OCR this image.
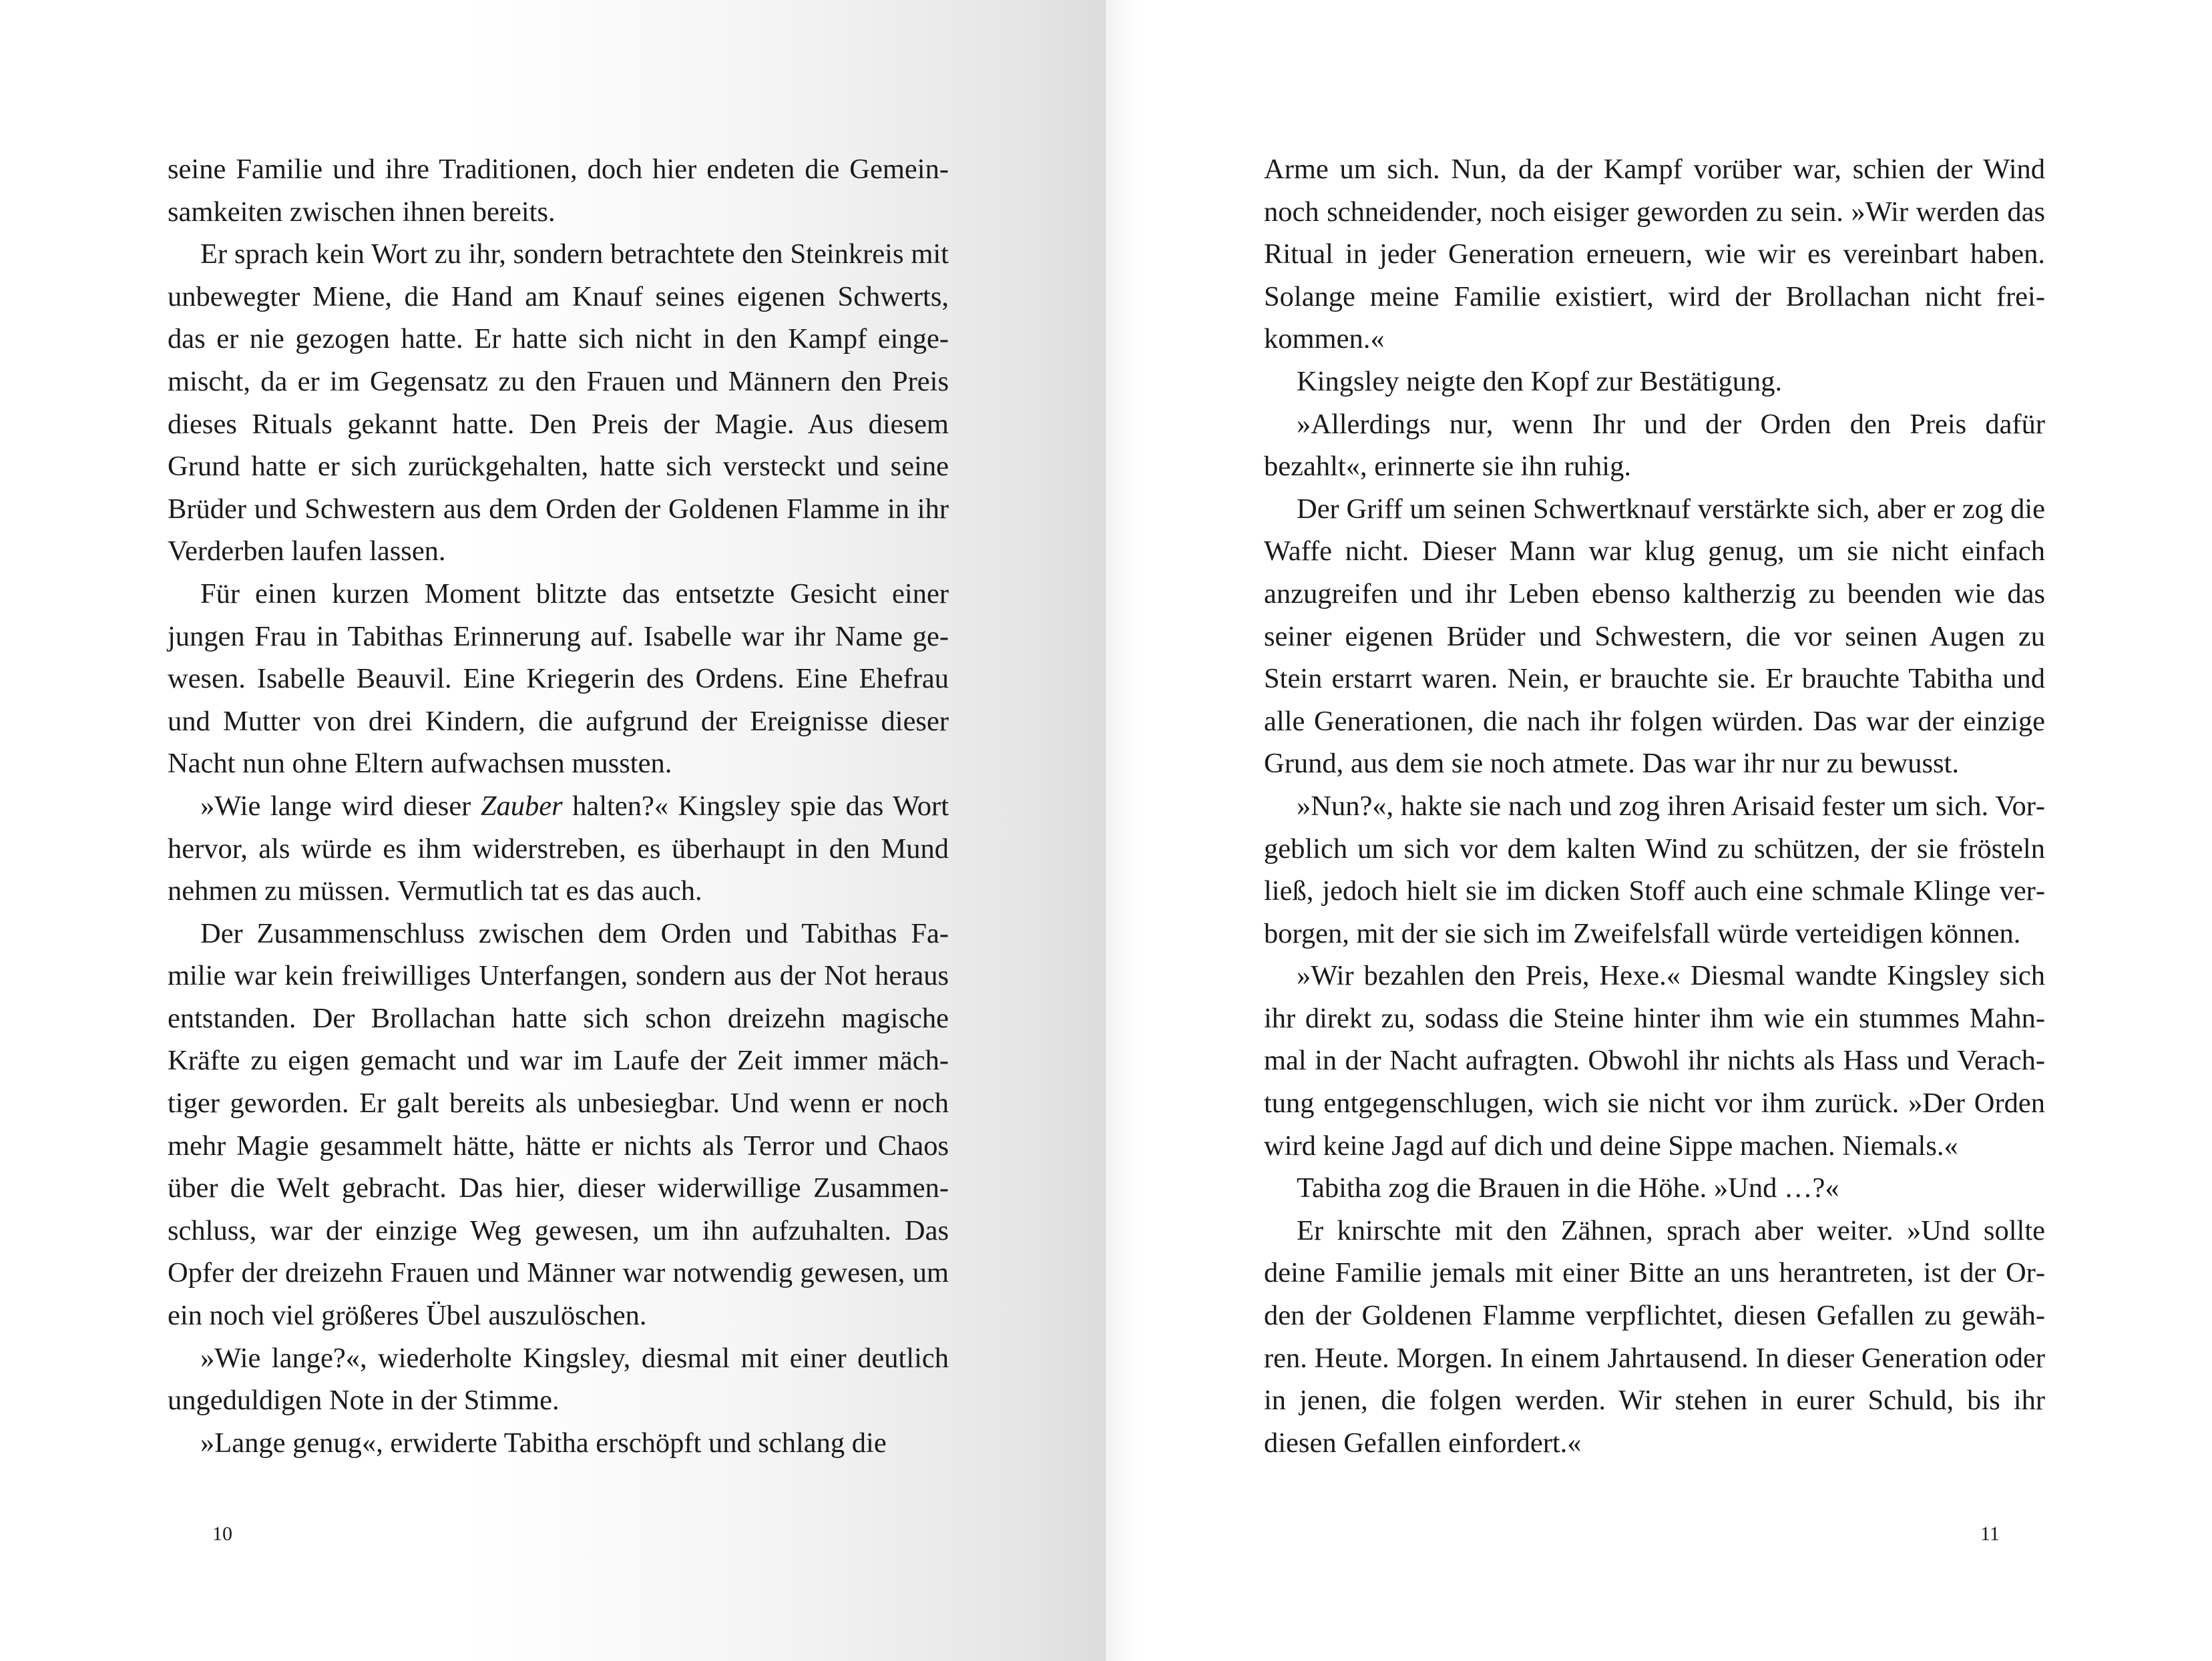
seine Familie und ihre Traditionen, doch hier endeten die Gemeinsamkeiten zwischen ihnen bereits.

Er sprach kein Wort zu ihr, sondern betrachtete den Steinkreis mit unbewegter Miene, die Hand am Knauf seines eigenen Schwerts, das er nie gezogen hatte. Er hatte sich nicht in den Kampf eingemischt, da er im Gegensatz zu den Frauen und Männern den Preis dieses Rituals gekannt hatte. Den Preis der Magie. Aus diesem Grund hatte er sich zurückgehalten, hatte sich versteckt und seine Brüder und Schwestern aus dem Orden der Goldenen Flamme in ihr Verderben laufen lassen.

Für einen kurzen Moment blitzte das entsetzte Gesicht einer jungen Frau in Tabithas Erinnerung auf. Isabelle war ihr Name gewesen. Isabelle Beauvil. Eine Kriegerin des Ordens. Eine Ehefrau und Mutter von drei Kindern, die aufgrund der Ereignisse dieser Nacht nun ohne Eltern aufwachsen mussten.

»Wie lange wird dieser Zauber halten?« Kingsley spie das Wort hervor, als würde es ihm widerstreben, es überhaupt in den Mund nehmen zu müssen. Vermutlich tat es das auch.

Der Zusammenschluss zwischen dem Orden und Tabithas Familie war kein freiwilliges Unterfangen, sondern aus der Not heraus entstanden. Der Brollachan hatte sich schon dreizehn magische Kräfte zu eigen gemacht und war im Laufe der Zeit immer mächtiger geworden. Er galt bereits als unbesiegbar. Und wenn er noch mehr Magie gesammelt hätte, hätte er nichts als Terror und Chaos über die Welt gebracht. Das hier, dieser widerwillige Zusammenschluss, war der einzige Weg gewesen, um ihn aufzuhalten. Das Opfer der dreizehn Frauen und Männer war notwendig gewesen, um ein noch viel größeres Übel auszulöschen.

»Wie lange?«, wiederholte Kingsley, diesmal mit einer deutlich ungeduldigen Note in der Stimme.

»Lange genug«, erwiderte Tabitha erschöpft und schlang die

10

Arme um sich. Nun, da der Kampf vorüber war, schien der Wind noch schneidender, noch eisiger geworden zu sein. »Wir werden das Ritual in jeder Generation erneuern, wie wir es vereinbart haben. Solange meine Familie existiert, wird der Brollachan nicht freikommen.«

Kingsley neigte den Kopf zur Bestätigung.

»Allerdings nur, wenn Ihr und der Orden den Preis dafür bezahlt«, erinnerte sie ihn ruhig.

Der Griff um seinen Schwertknauf verstärkte sich, aber er zog die Waffe nicht. Dieser Mann war klug genug, um sie nicht einfach anzugreifen und ihr Leben ebenso kaltherzig zu beenden wie das seiner eigenen Brüder und Schwestern, die vor seinen Augen zu Stein erstarrt waren. Nein, er brauchte sie. Er brauchte Tabitha und alle Generationen, die nach ihr folgen würden. Das war der einzige Grund, aus dem sie noch atmete. Das war ihr nur zu bewusst.

»Nun?«, hakte sie nach und zog ihren Arisaid fester um sich. Vorgeblich um sich vor dem kalten Wind zu schützen, der sie frösteln ließ, jedoch hielt sie im dicken Stoff auch eine schmale Klinge verborgen, mit der sie sich im Zweifelsfall würde verteidigen können.

»Wir bezahlen den Preis, Hexe.« Diesmal wandte Kingsley sich ihr direkt zu, sodass die Steine hinter ihm wie ein stummes Mahnmal in der Nacht aufragten. Obwohl ihr nichts als Hass und Verachtung entgegenschlugen, wich sie nicht vor ihm zurück. »Der Orden wird keine Jagd auf dich und deine Sippe machen. Niemals.«

Tabitha zog die Brauen in die Höhe. »Und …?«

Er knirschte mit den Zähnen, sprach aber weiter. »Und sollte deine Familie jemals mit einer Bitte an uns herantreten, ist der Orden der Goldenen Flamme verpflichtet, diesen Gefallen zu gewähren. Heute. Morgen. In einem Jahrtausend. In dieser Generation oder in jenen, die folgen werden. Wir stehen in eurer Schuld, bis ihr diesen Gefallen einfordert.«

11
